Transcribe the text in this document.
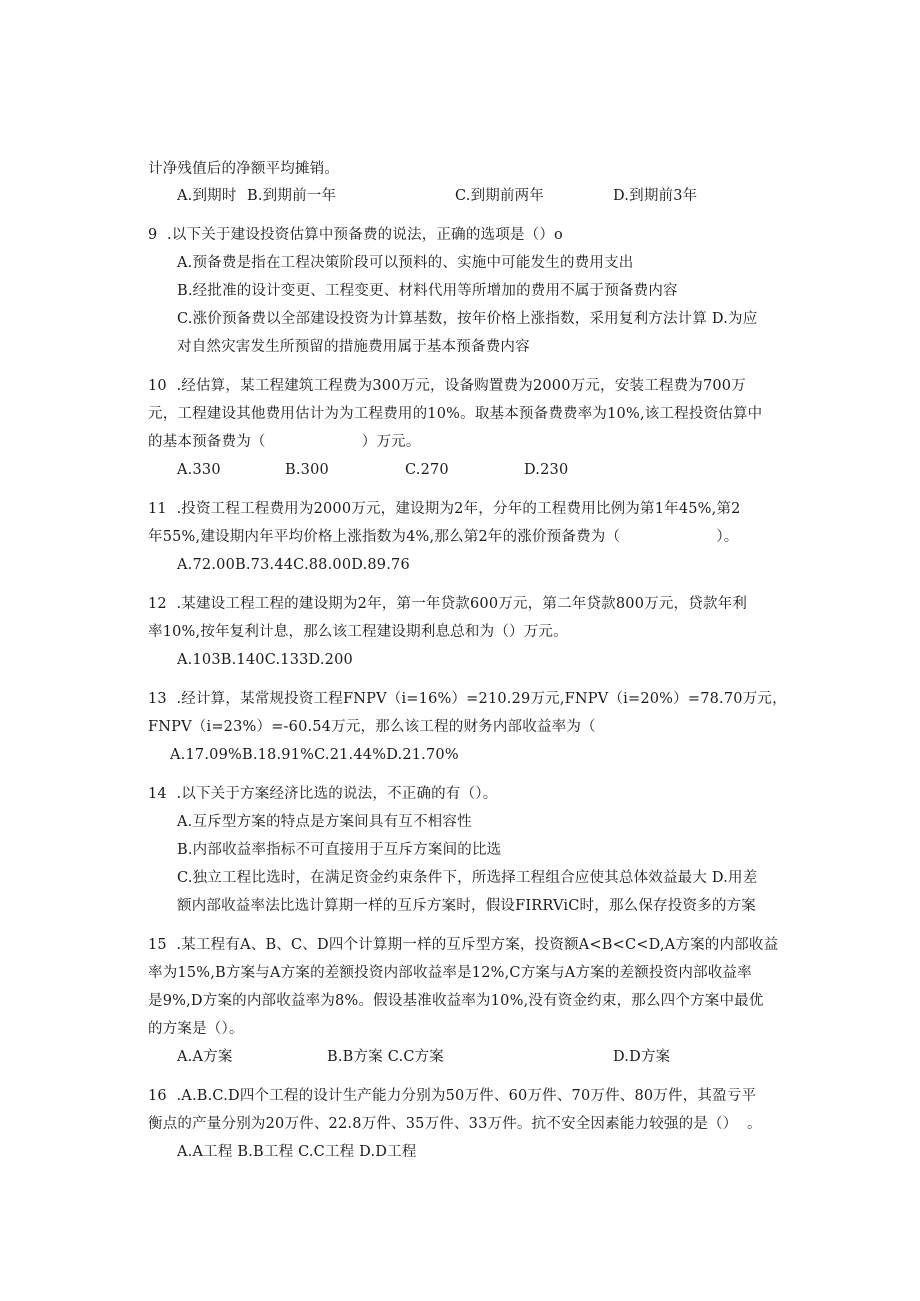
计净残值后的净额平均摊销。
A.到期时 B.到期前一年	C.到期前两年	D.到期前3年
9  .以下关于建设投资估算中预备费的说法，正确的选项是（）o
A.预备费是指在工程决策阶段可以预料的、实施中可能发生的费用支出
B.经批准的设计变更、工程变更、材料代用等所增加的费用不属于预备费内容
C.涨价预备费以全部建设投资为计算基数，按年价格上涨指数，采用复利方法计算 D.为应
对自然灾害发生所预留的措施费用属于基本预备费内容
10  .经估算，某工程建筑工程费为300万元，设备购置费为2000万元，安装工程费为700万
元，工程建设其他费用估计为为工程费用的10%。取基本预备费费率为10%,该工程投资估算中
的基本预备费为（                    ）万元。
A.330	B.300	C.270	D.230
11  .投资工程工程费用为2000万元，建设期为2年，分年的工程费用比例为第1年45%,第2
年55%,建设期内年平均价格上涨指数为4%,那么第2年的涨价预备费为（                    ）。
A.72.00B.73.44C.88.00D.89.76
12  .某建设工程工程的建设期为2年，第一年贷款600万元，第二年贷款800万元，贷款年利
率10%,按年复利计息，那么该工程建设期利息总和为（）万元。
A.103B.140C.133D.200
13  .经计算，某常规投资工程FNPV（i=16%）=210.29万元,FNPV（i=20%）=78.70万元，
FNPV（i=23%）=-60.54万元，那么该工程的财务内部收益率为（
A.17.09%B.18.91%C.21.44%D.21.70%
14  .以下关于方案经济比选的说法，不正确的有（）。
A.互斥型方案的特点是方案间具有互不相容性
B.内部收益率指标不可直接用于互斥方案间的比选
C.独立工程比选时，在满足资金约束条件下，所选择工程组合应使其总体效益最大 D.用差
额内部收益率法比选计算期一样的互斥方案时，假设FIRRViC时，那么保存投资多的方案
15  .某工程有A、B、C、D四个计算期一样的互斥型方案，投资额A<B<C<D,A方案的内部收益
率为15%,B方案与A方案的差额投资内部收益率是12%,C方案与A方案的差额投资内部收益率
是9%,D方案的内部收益率为8%。假设基准收益率为10%,没有资金约束，那么四个方案中最优
的方案是（）。
A.A方案	B.B方案 C.C方案	D.D方案
16  .A.B.C.D四个工程的设计生产能力分别为50万件、60万件、70万件、80万件，其盈亏平
衡点的产量分别为20万件、22.8万件、35万件、33万件。抗不安全因素能力较强的是（）  。
A.A工程 B.B工程 C.C工程 D.D工程
